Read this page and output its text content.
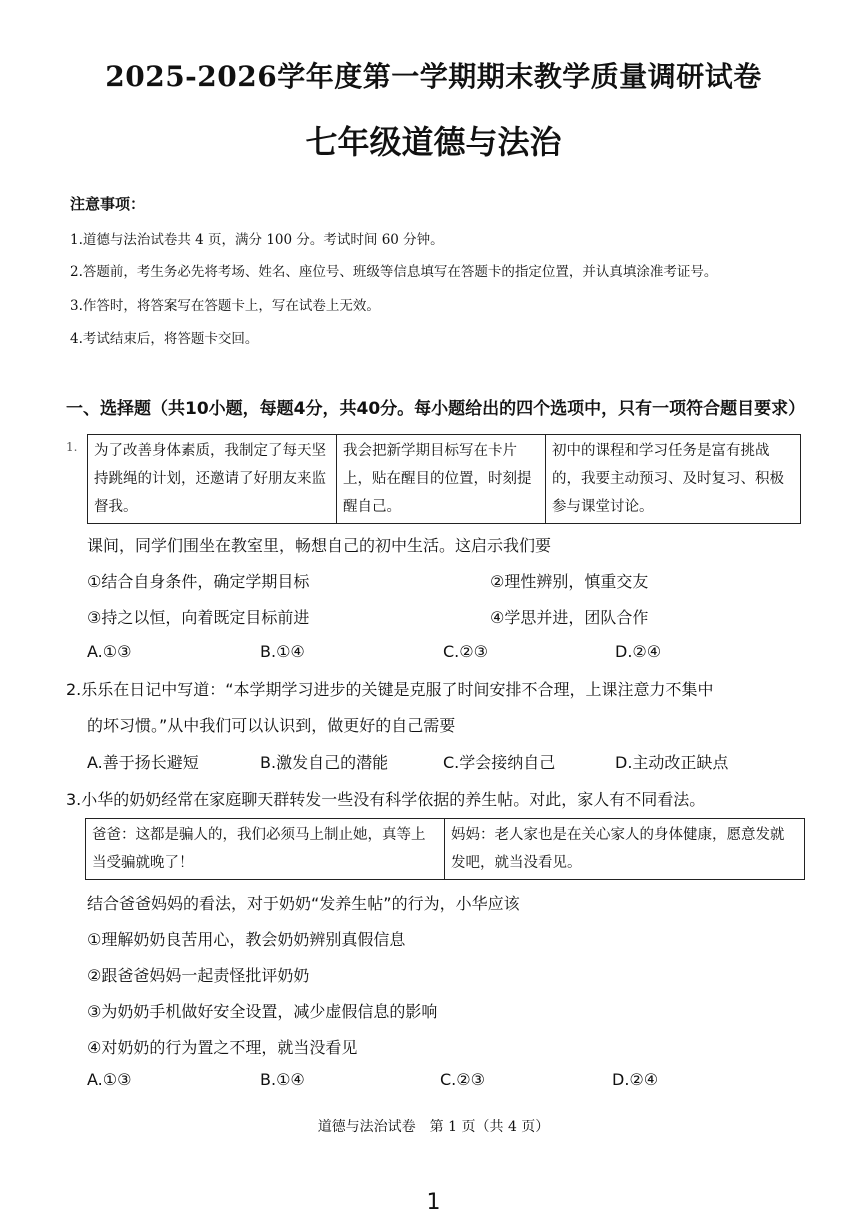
2025-2026学年度第一学期期末教学质量调研试卷
七年级道德与法治
注意事项：
1.道德与法治试卷共 4 页，满分 100 分。考试时间 60 分钟。
2.答题前，考生务必先将考场、姓名、座位号、班级等信息填写在答题卡的指定位置，并认真填涂准考证号。
3.作答时，将答案写在答题卡上，写在试卷上无效。
4.考试结束后，将答题卡交回。
一、选择题（共10小题，每题4分，共40分。每小题给出的四个选项中，只有一项符合题目要求）
1. 为了改善身体素质，我制定了每天坚持跳绳的计划，还邀请了好朋友来监督我。	我会把新学期目标写在卡片上，贴在醒目的位置，时刻提醒自己。	初中的课程和学习任务是富有挑战的，我要主动预习、及时复习、积极参与课堂讨论。
课间，同学们围坐在教室里，畅想自己的初中生活。这启示我们要
①结合自身条件，确定学期目标	②理性辨别，慎重交友
③持之以恒，向着既定目标前进	④学思并进，团队合作
A.①③	B.①④	C.②③	D.②④
2.乐乐在日记中写道：“本学期学习进步的关键是克服了时间安排不合理，上课注意力不集中
的坏习惯。”从中我们可以认识到，做更好的自己需要
A.善于扬长避短	B.激发自己的潜能	C.学会接纳自己	D.主动改正缺点
3.小华的奶奶经常在家庭聊天群转发一些没有科学依据的养生帖。对此，家人有不同看法。
爸爸：这都是骗人的，我们必须马上制止她，真等上当受骗就晚了！	妈妈：老人家也是在关心家人的身体健康，愿意发就发吧，就当没看见。
结合爸爸妈妈的看法，对于奶奶“发养生帖”的行为，小华应该
①理解奶奶良苦用心，教会奶奶辨别真假信息
②跟爸爸妈妈一起责怪批评奶奶
③为奶奶手机做好安全设置，减少虚假信息的影响
④对奶奶的行为置之不理，就当没看见
A.①③	B.①④	C.②③	D.②④
道德与法治试卷　第 1 页（共 4 页）
1
